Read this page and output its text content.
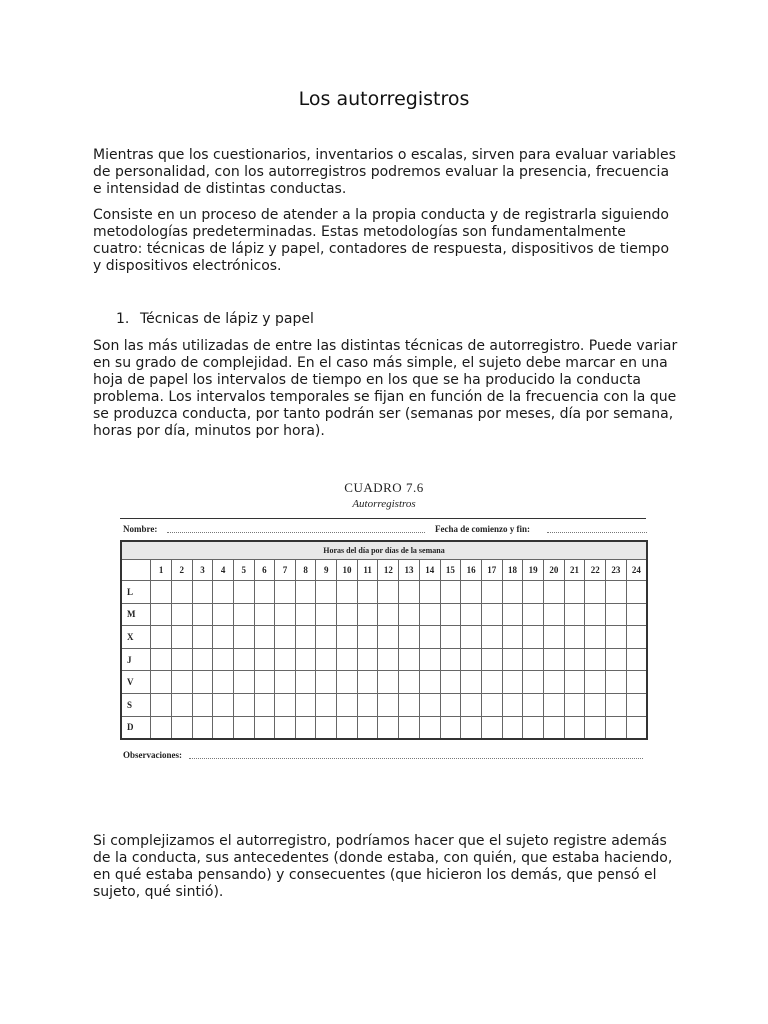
Los autorregistros

Mientras que los cuestionarios, inventarios o escalas, sirven para evaluar variables de personalidad, con los autorregistros podremos evaluar la presencia, frecuencia e intensidad de distintas conductas.

Consiste en un proceso de atender a la propia conducta y de registrarla siguiendo metodologías predeterminadas. Estas metodologías son fundamentalmente cuatro: técnicas de lápiz y papel, contadores de respuesta, dispositivos de tiempo y dispositivos electrónicos.

1. Técnicas de lápiz y papel

Son las más utilizadas de entre las distintas técnicas de autorregistro. Puede variar en su grado de complejidad. En el caso más simple, el sujeto debe marcar en una hoja de papel los intervalos de tiempo en los que se ha producido la conducta problema. Los intervalos temporales se fijan en función de la frecuencia con la que se produzca conducta, por tanto podrán ser (semanas por meses, día por semana, horas por día, minutos por hora).

CUADRO 7.6
Autorregistros
Nombre:	Fecha de comienzo y fin:
Horas del día por días de la semana																								
	1	2	3	4	5	6	7	8	9	10	11	12	13	14	15	16	17	18	19	20	21	22	23	24
L																								
M																								
X																								
J																								
V																								
S																								
D																								
Observaciones:

Si complejizamos el autorregistro, podríamos hacer que el sujeto registre además de la conducta, sus antecedentes (donde estaba, con quién, que estaba haciendo, en qué estaba pensando) y consecuentes (que hicieron los demás, que pensó el sujeto, qué sintió).
